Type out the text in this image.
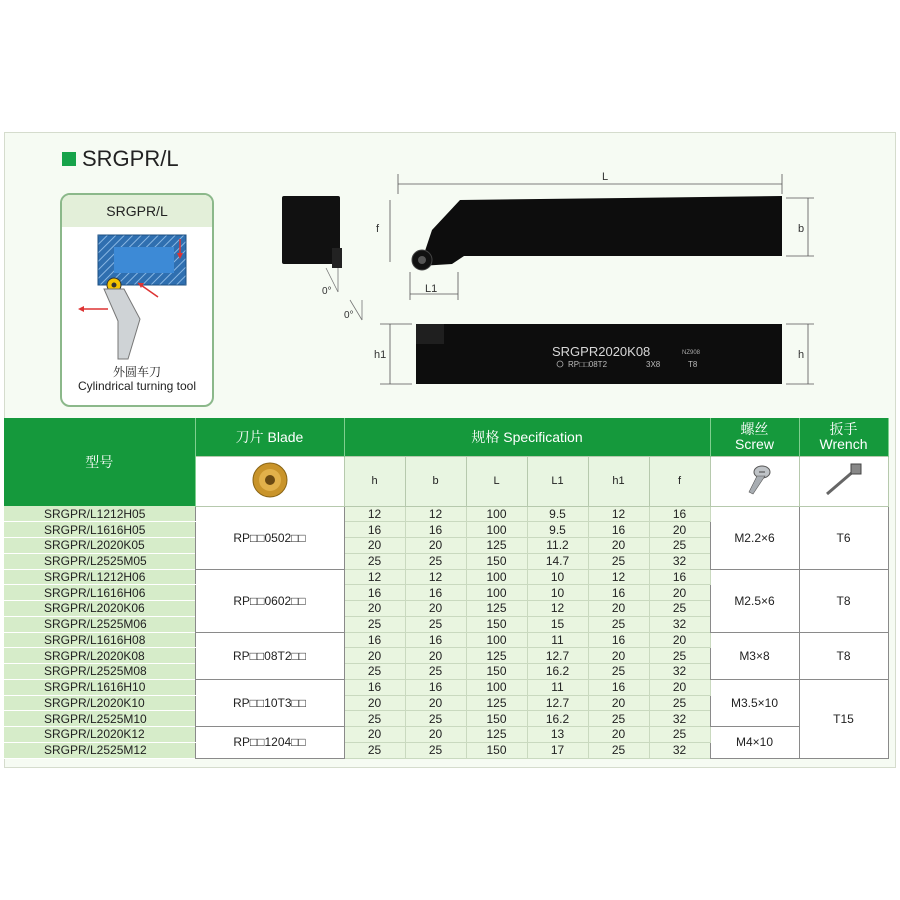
SRGPR/L
SRGPR/L
外圆车刀
Cylindrical turning tool
0°
0°
L
f	b
L1
SRGPR2020K08	NZ908
RP□□08T2	3X8	T8
h1	h
型号	刀片 Blade	规格 Specification						螺丝
Screw	扳手
Wrench
	h	b	L	L1	h1	f		
SRGPR/L1212H05	RP□□0502□□	12	12	100	9.5	12	16	M2.2×6	T6
SRGPR/L1616H05		16	16	100	9.5	16	20		
SRGPR/L2020K05		20	20	125	11.2	20	25		
SRGPR/L2525M05		25	25	150	14.7	25	32		
SRGPR/L1212H06	RP□□0602□□	12	12	100	10	12	16	M2.5×6	T8
SRGPR/L1616H06		16	16	100	10	16	20		
SRGPR/L2020K06		20	20	125	12	20	25		
SRGPR/L2525M06		25	25	150	15	25	32		
SRGPR/L1616H08	RP□□08T2□□	16	16	100	11	16	20	M3×8	T8
SRGPR/L2020K08		20	20	125	12.7	20	25		
SRGPR/L2525M08		25	25	150	16.2	25	32		
SRGPR/L1616H10	RP□□10T3□□	16	16	100	11	16	20	M3.5×10	T15
SRGPR/L2020K10		20	20	125	12.7	20	25		
SRGPR/L2525M10		25	25	150	16.2	25	32		
SRGPR/L2020K12	RP□□1204□□	20	20	125	13	20	25	M4×10	
SRGPR/L2525M12		25	25	150	17	25	32		
